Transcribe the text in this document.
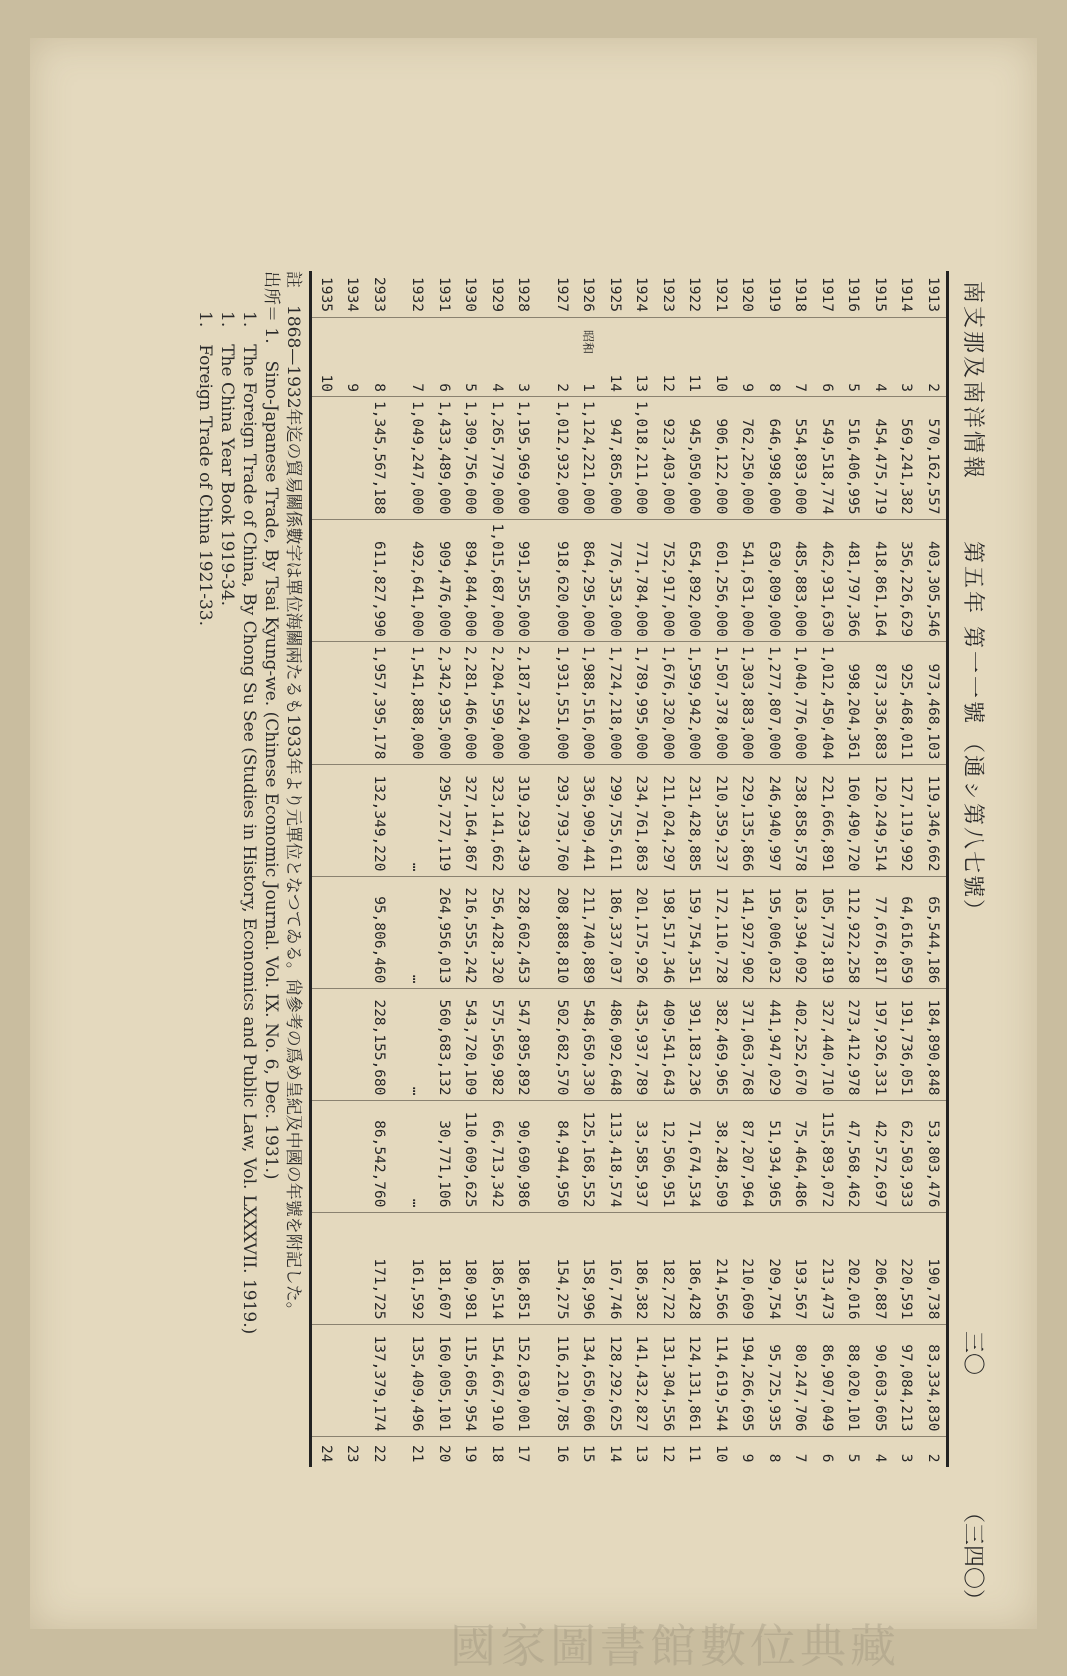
南支那及南洋情報
第五年 第一一號
（通ㇱ第八七號）
三〇
（三四〇）
1913		2	570,162,557	403,305,546	973,468,103	119,346,662	65,544,186	184,890,848	53,803,476	190,738	83,334,830	2
1914		3	569,241,382	356,226,629	925,468,011	127,119,992	64,616,059	191,736,051	62,503,933	220,591	97,084,213	3
1915		4	454,475,719	418,861,164	873,336,883	120,249,514	77,676,817	197,926,331	42,572,697	206,887	90,603,605	4
1916		5	516,406,995	481,797,366	998,204,361	160,490,720	112,922,258	273,412,978	47,568,462	202,016	88,020,101	5
1917		6	549,518,774	462,931,630	1,012,450,404	221,666,891	105,773,819	327,440,710	115,893,072	213,473	86,907,049	6
1918		7	554,893,000	485,883,000	1,040,776,000	238,858,578	163,394,092	402,252,670	75,464,486	193,567	80,247,706	7
1919		8	646,998,000	630,809,000	1,277,807,000	246,940,997	195,006,032	441,947,029	51,934,965	209,754	95,725,935	8
1920		9	762,250,000	541,631,000	1,303,883,000	229,135,866	141,927,902	371,063,768	87,207,964	210,609	194,266,695	9
1921		10	906,122,000	601,256,000	1,507,378,000	210,359,237	172,110,728	382,469,965	38,248,509	214,566	114,619,544	10
1922		11	945,050,000	654,892,000	1,599,942,000	231,428,885	159,754,351	391,183,236	71,674,534	186,428	124,131,861	11
1923		12	923,403,000	752,917,000	1,676,320,000	211,024,297	198,517,346	409,541,643	12,506,951	182,722	131,304,556	12
1924		13	1,018,211,000	771,784,000	1,789,995,000	234,761,863	201,175,926	435,937,789	33,585,937	186,382	141,432,827	13
1925		14	947,865,000	776,353,000	1,724,218,000	299,755,611	186,337,037	486,092,648	113,418,574	167,746	128,292,625	14
1926	昭和	1	1,124,221,000	864,295,000	1,988,516,000	336,909,441	211,740,889	548,650,330	125,168,552	158,996	134,650,606	15
1927		2	1,012,932,000	918,620,000	1,931,551,000	293,793,760	208,888,810	502,682,570	84,944,950	154,275	116,210,785	16

1928		3	1,195,969,000	991,355,000	2,187,324,000	319,293,439	228,602,453	547,895,892	90,690,986	186,851	152,630,001	17
1929		4	1,265,779,000	1,015,687,000	2,204,599,000	323,141,662	256,428,320	575,569,982	66,713,342	186,514	154,667,910	18
1930		5	1,309,756,000	894,844,000	2,281,466,000	327,164,867	216,555,242	543,720,109	110,609,625	180,981	115,605,954	19
1931		6	1,433,489,000	909,476,000	2,342,935,000	295,727,119	264,956,013	560,683,132	30,771,106	181,607	160,005,101	20
1932		7	1,049,247,000	492,641,000	1,541,888,000	…	…	…	…	161,592	135,409,496	21

2933		8	1,345,567,188	611,827,990	1,957,395,178	132,349,220	95,806,460	228,155,680	86,542,760	171,725	137,379,174	22
1934		9										23
1935		10										24
註　1868—1932年迄の貿易關係數字は單位海關兩たるも1933年より元單位となつてゐる。尙參考の爲め皇紀及中國の年號を附記した。
出所＝ 1.　Sino-Japanese Trade, By Tsai Kyung-we. (Chinese Economic Journal. Vol. IX. No. 6, Dec. 1931.)
1.　The Foreign Trade of China, By Chong Su See (Studies in History, Economics and Public Law, Vol. LXXXVII. 1919.)
1.　The China Year Book 1919-34.
1.　Foreign Trade of China 1921-33.
國家圖書館數位典藏
